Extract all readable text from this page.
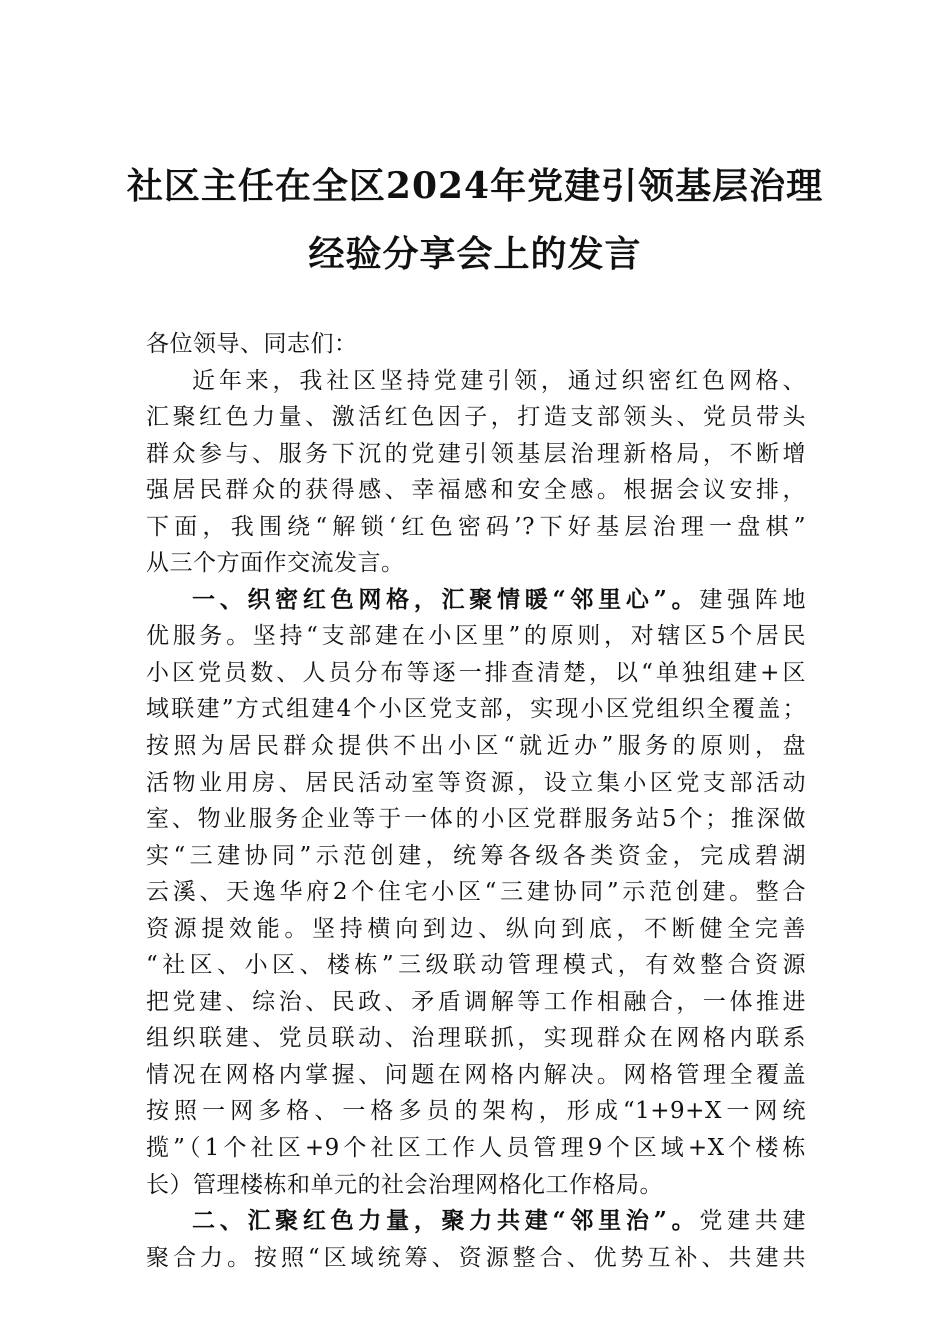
社区主任在全区2024年党建引领基层治理
经验分享会上的发言
各位领导、同志们：
近年来，我社区坚持党建引领，通过织密红色网格、
汇聚红色力量、激活红色因子，打造支部领头、党员带头
群众参与、服务下沉的党建引领基层治理新格局，不断增
强居民群众的获得感、幸福感和安全感。根据会议安排，
下面，我围绕“解锁‘红色密码’?下好基层治理一盘棋”
从三个方面作交流发言。
一、织密红色网格，汇聚情暖“邻里心”。建强阵地
优服务。坚持“支部建在小区里”的原则，对辖区5个居民
小区党员数、人员分布等逐一排查清楚，以“单独组建+区
域联建”方式组建4个小区党支部，实现小区党组织全覆盖；
按照为居民群众提供不出小区“就近办”服务的原则，盘
活物业用房、居民活动室等资源，设立集小区党支部活动
室、物业服务企业等于一体的小区党群服务站5个；推深做
实“三建协同”示范创建，统筹各级各类资金，完成碧湖
云溪、天逸华府2个住宅小区“三建协同”示范创建。整合
资源提效能。坚持横向到边、纵向到底，不断健全完善
“社区、小区、楼栋”三级联动管理模式，有效整合资源
把党建、综治、民政、矛盾调解等工作相融合，一体推进
组织联建、党员联动、治理联抓，实现群众在网格内联系
情况在网格内掌握、问题在网格内解决。网格管理全覆盖
按照一网多格、一格多员的架构，形成“1+9+X一网统
揽”（1个社区+9个社区工作人员管理9个区域+X个楼栋
长）管理楼栋和单元的社会治理网格化工作格局。
二、汇聚红色力量，聚力共建“邻里治”。党建共建
聚合力。按照“区域统筹、资源整合、优势互补、共建共
